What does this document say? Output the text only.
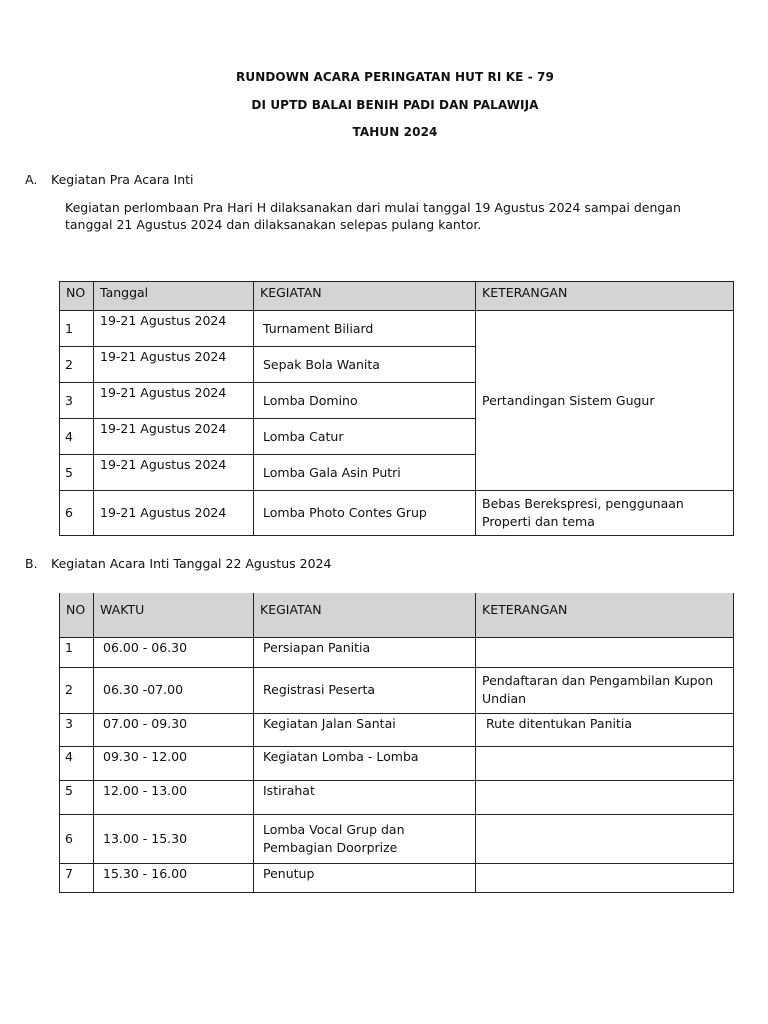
RUNDOWN ACARA PERINGATAN HUT RI KE - 79
DI UPTD BALAI BENIH PADI DAN PALAWIJA
TAHUN 2024
A. Kegiatan Pra Acara Inti
Kegiatan perlombaan Pra Hari H dilaksanakan dari mulai tanggal 19 Agustus 2024 sampai dengan tanggal 21 Agustus 2024 dan dilaksanakan selepas pulang kantor.
NO	Tanggal	KEGIATAN	KETERANGAN
1	19-21 Agustus 2024	Turnament Biliard	Pertandingan Sistem Gugur
2	19-21 Agustus 2024	Sepak Bola Wanita	
3	19-21 Agustus 2024	Lomba Domino	
4	19-21 Agustus 2024	Lomba Catur	
5	19-21 Agustus 2024	Lomba Gala Asin Putri	
6	19-21 Agustus 2024	Lomba Photo Contes Grup	Bebas Berekspresi, penggunaan Properti dan tema
B. Kegiatan Acara Inti Tanggal 22 Agustus 2024
NO	WAKTU	KEGIATAN	KETERANGAN
1	06.00 - 06.30	Persiapan Panitia	
2	06.30 -07.00	Registrasi Peserta	Pendaftaran dan Pengambilan Kupon Undian
3	07.00 - 09.30	Kegiatan Jalan Santai	Rute ditentukan Panitia
4	09.30 - 12.00	Kegiatan Lomba - Lomba	
5	12.00 - 13.00	Istirahat	
6	13.00 - 15.30	Lomba Vocal Grup dan Pembagian Doorprize	
7	15.30 - 16.00	Penutup	
